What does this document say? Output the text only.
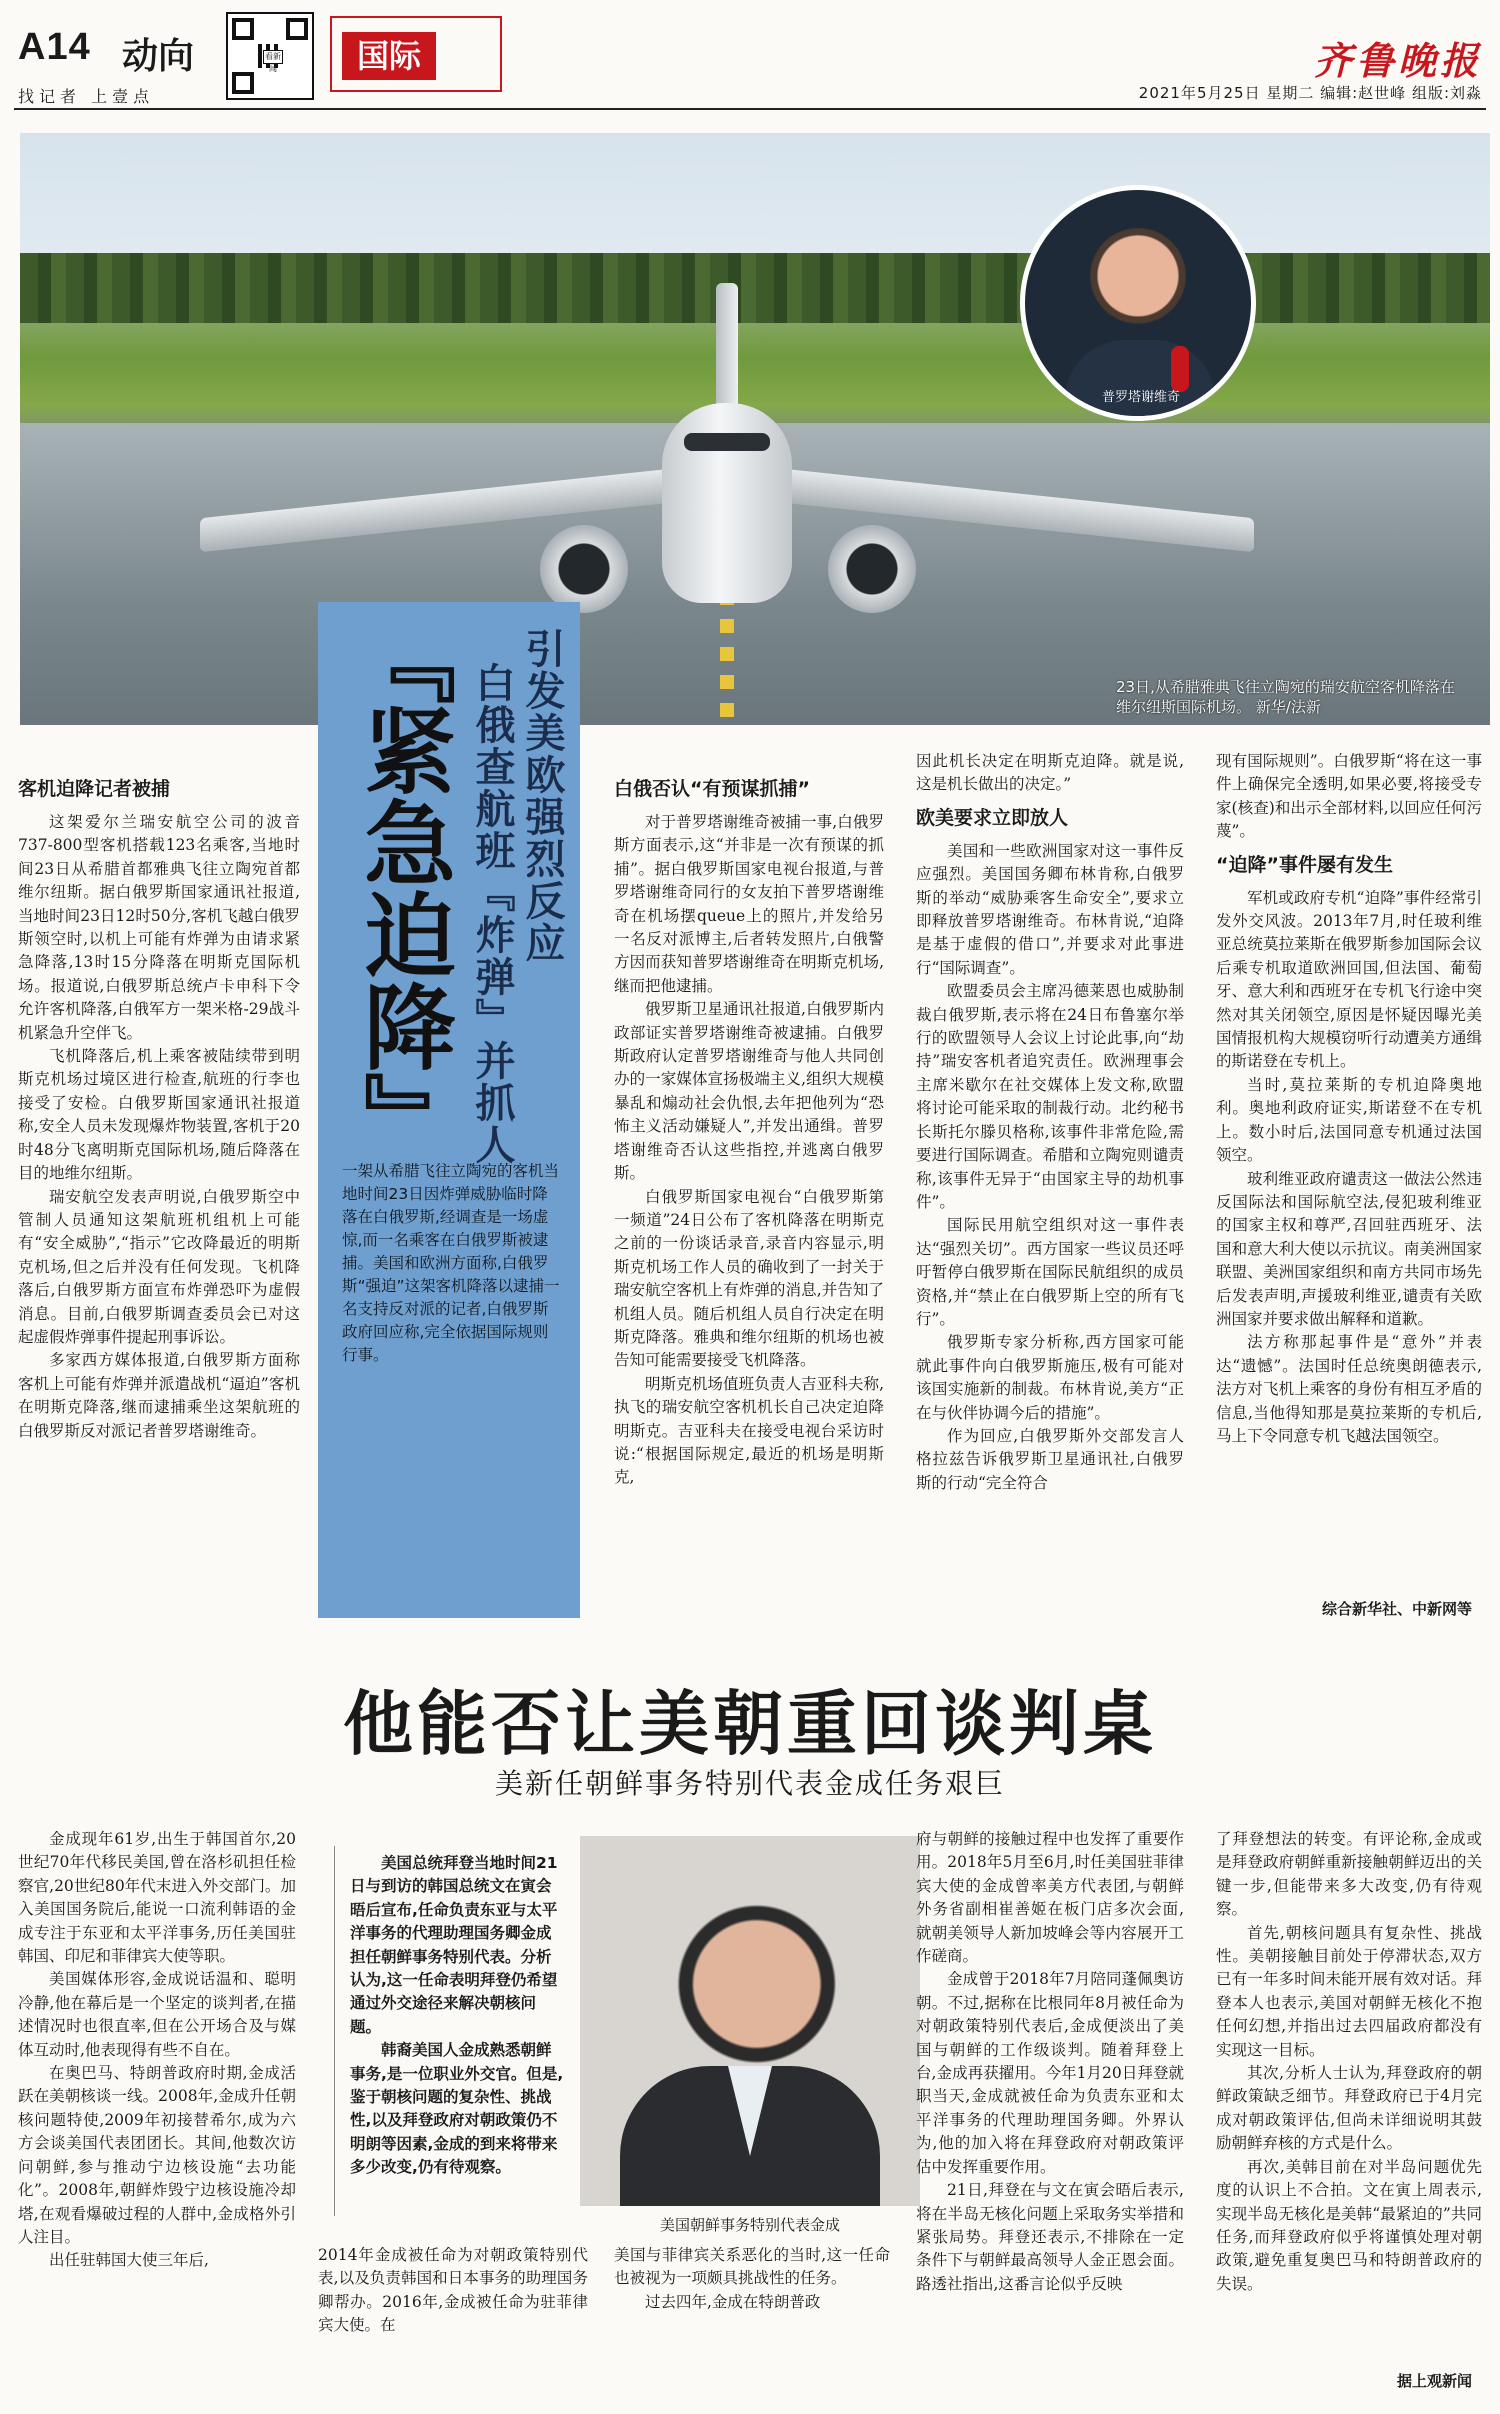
A14 动向	看新闻	国际
找记者 上壹点
齐鲁晚报
2021年5月25日 星期二 编辑:赵世峰 组版:刘淼
普罗塔谢维奇
23日,从希腊雅典飞往立陶宛的瑞安航空客机降落在维尔纽斯国际机场。 新华/法新
引发美欧强烈反应
白俄查航班『炸弹』并抓人
『紧急迫降』
一架从希腊飞往立陶宛的客机当地时间23日因炸弹威胁临时降落在白俄罗斯,经调查是一场虚惊,而一名乘客在白俄罗斯被逮捕。美国和欧洲方面称,白俄罗斯“强迫”这架客机降落以逮捕一名支持反对派的记者,白俄罗斯政府回应称,完全依据国际规则行事。
客机迫降记者被捕

这架爱尔兰瑞安航空公司的波音737-800型客机搭载123名乘客,当地时间23日从希腊首都雅典飞往立陶宛首都维尔纽斯。据白俄罗斯国家通讯社报道,当地时间23日12时50分,客机飞越白俄罗斯领空时,以机上可能有炸弹为由请求紧急降落,13时15分降落在明斯克国际机场。报道说,白俄罗斯总统卢卡申科下令允许客机降落,白俄军方一架米格-29战斗机紧急升空伴飞。

飞机降落后,机上乘客被陆续带到明斯克机场过境区进行检查,航班的行李也接受了安检。白俄罗斯国家通讯社报道称,安全人员未发现爆炸物装置,客机于20时48分飞离明斯克国际机场,随后降落在目的地维尔纽斯。

瑞安航空发表声明说,白俄罗斯空中管制人员通知这架航班机组机上可能有“安全威胁”,“指示”它改降最近的明斯克机场,但之后并没有任何发现。飞机降落后,白俄罗斯方面宣布炸弹恐吓为虚假消息。目前,白俄罗斯调查委员会已对这起虚假炸弹事件提起刑事诉讼。

多家西方媒体报道,白俄罗斯方面称客机上可能有炸弹并派遣战机“逼迫”客机在明斯克降落,继而逮捕乘坐这架航班的白俄罗斯反对派记者普罗塔谢维奇。

白俄否认“有预谋抓捕”

对于普罗塔谢维奇被捕一事,白俄罗斯方面表示,这“并非是一次有预谋的抓捕”。据白俄罗斯国家电视台报道,与普罗塔谢维奇同行的女友拍下普罗塔谢维奇在机场摆queue上的照片,并发给另一名反对派博主,后者转发照片,白俄警方因而获知普罗塔谢维奇在明斯克机场,继而把他逮捕。

俄罗斯卫星通讯社报道,白俄罗斯内政部证实普罗塔谢维奇被逮捕。白俄罗斯政府认定普罗塔谢维奇与他人共同创办的一家媒体宣扬极端主义,组织大规模暴乱和煽动社会仇恨,去年把他列为“恐怖主义活动嫌疑人”,并发出通缉。普罗塔谢维奇否认这些指控,并逃离白俄罗斯。

白俄罗斯国家电视台“白俄罗斯第一频道”24日公布了客机降落在明斯克之前的一份谈话录音,录音内容显示,明斯克机场工作人员的确收到了一封关于瑞安航空客机上有炸弹的消息,并告知了机组人员。随后机组人员自行决定在明斯克降落。雅典和维尔纽斯的机场也被告知可能需要接受飞机降落。

明斯克机场值班负责人吉亚科夫称,执飞的瑞安航空客机机长自己决定迫降明斯克。吉亚科夫在接受电视台采访时说:“根据国际规定,最近的机场是明斯克,

因此机长决定在明斯克迫降。就是说,这是机长做出的决定。”
欧美要求立即放人

美国和一些欧洲国家对这一事件反应强烈。美国国务卿布林肯称,白俄罗斯的举动“威胁乘客生命安全”,要求立即释放普罗塔谢维奇。布林肯说,“迫降是基于虚假的借口”,并要求对此事进行“国际调查”。

欧盟委员会主席冯德莱恩也威胁制裁白俄罗斯,表示将在24日布鲁塞尔举行的欧盟领导人会议上讨论此事,向“劫持”瑞安客机者追究责任。欧洲理事会主席米歇尔在社交媒体上发文称,欧盟将讨论可能采取的制裁行动。北约秘书长斯托尔滕贝格称,该事件非常危险,需要进行国际调查。希腊和立陶宛则谴责称,该事件无异于“由国家主导的劫机事件”。

国际民用航空组织对这一事件表达“强烈关切”。西方国家一些议员还呼吁暂停白俄罗斯在国际民航组织的成员资格,并“禁止在白俄罗斯上空的所有飞行”。

俄罗斯专家分析称,西方国家可能就此事件向白俄罗斯施压,极有可能对该国实施新的制裁。布林肯说,美方“正在与伙伴协调今后的措施”。

作为回应,白俄罗斯外交部发言人格拉兹告诉俄罗斯卫星通讯社,白俄罗斯的行动“完全符合

现有国际规则”。白俄罗斯“将在这一事件上确保完全透明,如果必要,将接受专家(核查)和出示全部材料,以回应任何污蔑”。
“迫降”事件屡有发生

军机或政府专机“迫降”事件经常引发外交风波。2013年7月,时任玻利维亚总统莫拉莱斯在俄罗斯参加国际会议后乘专机取道欧洲回国,但法国、葡萄牙、意大利和西班牙在专机飞行途中突然对其关闭领空,原因是怀疑因曝光美国情报机构大规模窃听行动遭美方通缉的斯诺登在专机上。

当时,莫拉莱斯的专机迫降奥地利。奥地利政府证实,斯诺登不在专机上。数小时后,法国同意专机通过法国领空。

玻利维亚政府谴责这一做法公然违反国际法和国际航空法,侵犯玻利维亚的国家主权和尊严,召回驻西班牙、法国和意大利大使以示抗议。南美洲国家联盟、美洲国家组织和南方共同市场先后发表声明,声援玻利维亚,谴责有关欧洲国家并要求做出解释和道歉。

法方称那起事件是“意外”并表达“遗憾”。法国时任总统奥朗德表示,法方对飞机上乘客的身份有相互矛盾的信息,当他得知那是莫拉莱斯的专机后,马上下令同意专机飞越法国领空。

综合新华社、中新网等
他能否让美朝重回谈判桌
美新任朝鲜事务特别代表金成任务艰巨

金成现年61岁,出生于韩国首尔,20世纪70年代移民美国,曾在洛杉矶担任检察官,20世纪80年代末进入外交部门。加入美国国务院后,能说一口流利韩语的金成专注于东亚和太平洋事务,历任美国驻韩国、印尼和菲律宾大使等职。

美国媒体形容,金成说话温和、聪明冷静,他在幕后是一个坚定的谈判者,在描述情况时也很直率,但在公开场合及与媒体互动时,他表现得有些不自在。

在奥巴马、特朗普政府时期,金成活跃在美朝核谈一线。2008年,金成升任朝核问题特使,2009年初接替希尔,成为六方会谈美国代表团团长。其间,他数次访问朝鲜,参与推动宁边核设施“去功能化”。2008年,朝鲜炸毁宁边核设施冷却塔,在观看爆破过程的人群中,金成格外引人注目。

出任驻韩国大使三年后,

美国总统拜登当地时间21日与到访的韩国总统文在寅会晤后宣布,任命负责东亚与太平洋事务的代理助理国务卿金成担任朝鲜事务特别代表。分析认为,这一任命表明拜登仍希望通过外交途径来解决朝核问题。

韩裔美国人金成熟悉朝鲜事务,是一位职业外交官。但是,鉴于朝核问题的复杂性、挑战性,以及拜登政府对朝政策仍不明朗等因素,金成的到来将带来多少改变,仍有待观察。

美国朝鲜事务特别代表金成
2014年金成被任命为对朝政策特别代表,以及负责韩国和日本事务的助理国务卿帮办。2016年,金成被任命为驻菲律宾大使。在
美国与菲律宾关系恶化的当时,这一任命也被视为一项颇具挑战性的任务。

过去四年,金成在特朗普政

府与朝鲜的接触过程中也发挥了重要作用。2018年5月至6月,时任美国驻菲律宾大使的金成曾率美方代表团,与朝鲜外务省副相崔善姬在板门店多次会面,就朝美领导人新加坡峰会等内容展开工作磋商。

金成曾于2018年7月陪同蓬佩奥访朝。不过,据称在比根同年8月被任命为对朝政策特别代表后,金成便淡出了美国与朝鲜的工作级谈判。随着拜登上台,金成再获擢用。今年1月20日拜登就职当天,金成就被任命为负责东亚和太平洋事务的代理助理国务卿。外界认为,他的加入将在拜登政府对朝政策评估中发挥重要作用。

21日,拜登在与文在寅会晤后表示,将在半岛无核化问题上采取务实举措和紧张局势。拜登还表示,不排除在一定条件下与朝鲜最高领导人金正恩会面。路透社指出,这番言论似乎反映

了拜登想法的转变。有评论称,金成或是拜登政府朝鲜重新接触朝鲜迈出的关键一步,但能带来多大改变,仍有待观察。

首先,朝核问题具有复杂性、挑战性。美朝接触目前处于停滞状态,双方已有一年多时间未能开展有效对话。拜登本人也表示,美国对朝鲜无核化不抱任何幻想,并指出过去四届政府都没有实现这一目标。

其次,分析人士认为,拜登政府的朝鲜政策缺乏细节。拜登政府已于4月完成对朝政策评估,但尚未详细说明其鼓励朝鲜弃核的方式是什么。

再次,美韩目前在对半岛问题优先度的认识上不合拍。文在寅上周表示,实现半岛无核化是美韩“最紧迫的”共同任务,而拜登政府似乎将谨慎处理对朝政策,避免重复奥巴马和特朗普政府的失误。

据上观新闻
